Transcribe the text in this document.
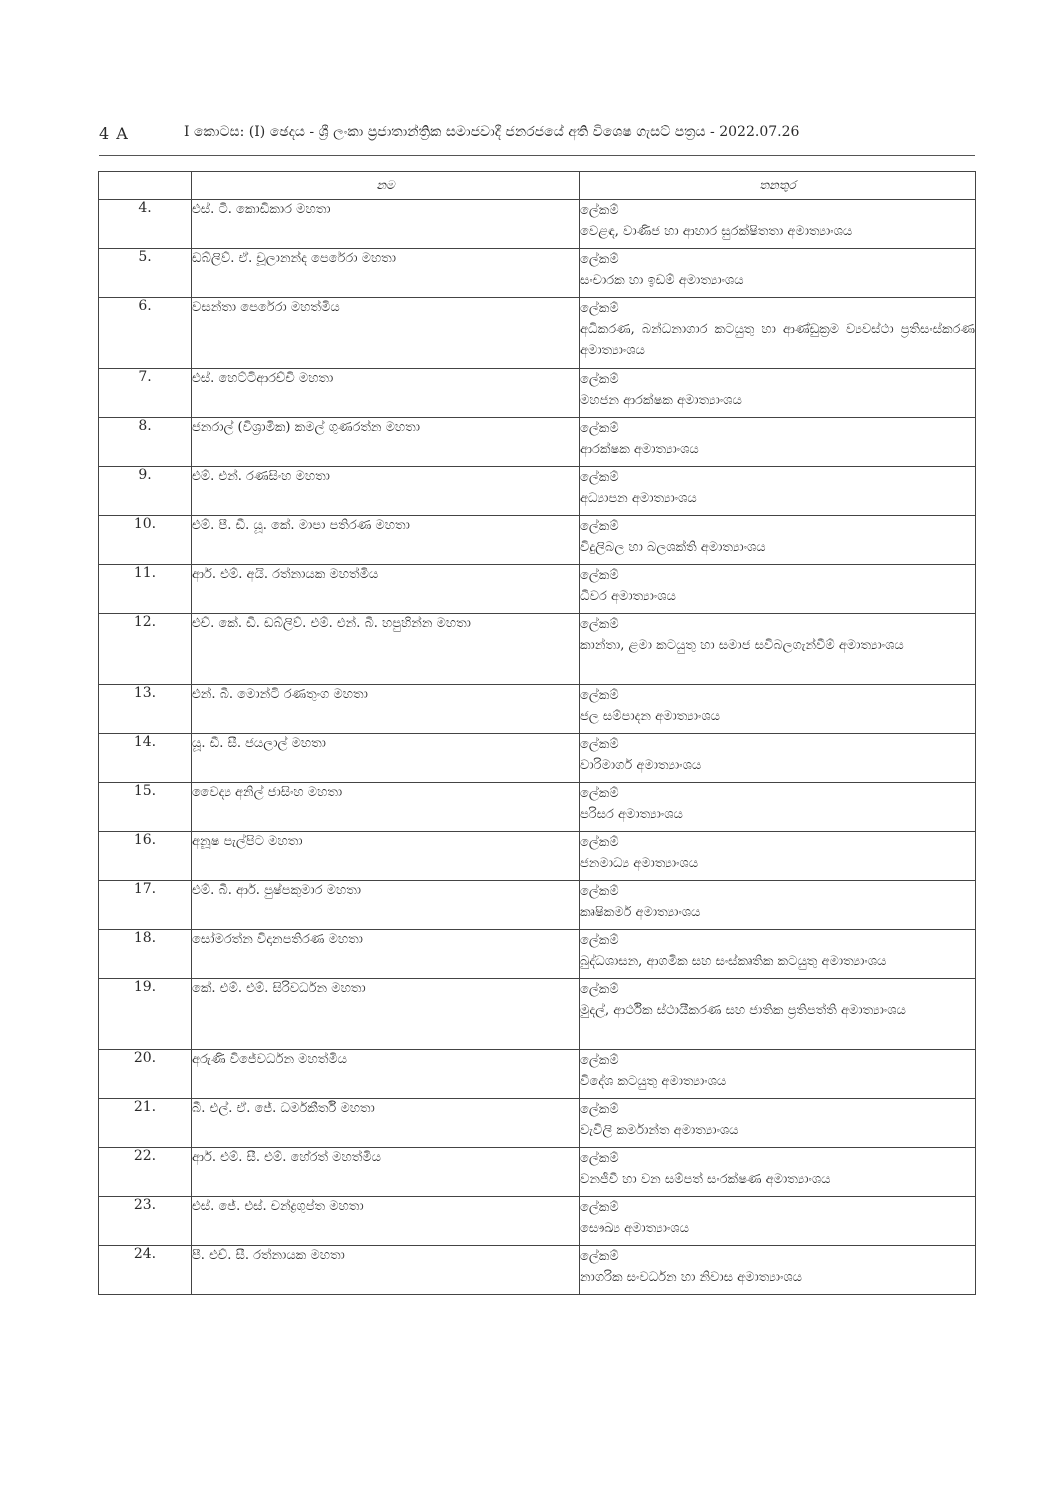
4 A	I කොටස: (I) ඡෙදය - ශ්‍රී ලංකා ප්‍රජාතාන්ත්‍රික සමාජවාදී ජනරජයේ අති විශෙෂ ගැසට් පත්‍රය - 2022.07.26
	නම	තනතුර
4.	එස්. ටී. කොඩිකාර මහතා	ලේකම්
වෙළඳ, වාණිජ හා ආහාර සුරක්ෂිතතා අමාත්‍යාංශය

5.	ඩබ්ලිව්. ඒ. චූලානන්ද පෙරේරා මහතා	ලේකම්
සංචාරක හා ඉඩම් අමාත්‍යාංශය

6.	වසන්තා පෙරේරා මහත්මිය	ලේකම්
අධිකරණ, බන්ධනාගාර කටයුතු හා ආණ්ඩුක්‍රම ව්‍යවස්ථා ප්‍රතිසංස්කරණ අමාත්‍යාංශය

7.	එස්. හෙට්ටිආරච්චි මහතා	ලේකම්
මහජන ආරක්ෂක අමාත්‍යාංශය

8.	ජනරාල් (විශ්‍රාමික) කමල් ගුණරත්න මහතා	ලේකම්
ආරක්ෂක අමාත්‍යාංශය

9.	එම්. එන්. රණසිංහ මහතා	ලේකම්
අධ්‍යාපන අමාත්‍යාංශය

10.	එම්. පී. ඩී. යූ. කේ. මාපා පතිරණ මහතා	ලේකම්
විදුලිබල හා බලශක්ති අමාත්‍යාංශය

11.	ආර්. එම්. අයි. රත්නායක මහත්මිය	ලේකම්
ධීවර අමාත්‍යාංශය

12.	එච්. කේ. ඩී. ඩබ්ලිව්. එම්. එන්. බී. හපුහින්න මහතා	ලේකම්
කාන්තා, ළමා කටයුතු හා සමාජ සවිබලගැන්වීම් අමාත්‍යාංශය

13.	එන්. බී. මොන්ටි රණතුංග මහතා	ලේකම්
ජල සම්පාදන අමාත්‍යාංශය

14.	යූ. ඩී. සී. ජයලාල් මහතා	ලේකම්
වාරිමාර්ග අමාත්‍යාංශය

15.	වෛද්‍ය අනිල් ජාසිංහ මහතා	ලේකම්
පරිසර අමාත්‍යාංශය

16.	අනූෂ පැල්පිට මහතා	ලේකම්
ජනමාධ්‍ය අමාත්‍යාංශය

17.	එම්. බී. ආර්. පුෂ්පකුමාර මහතා	ලේකම්
කෘෂිකර්ම අමාත්‍යාංශය

18.	සෝමරත්න විදානපතිරණ මහතා	ලේකම්
බුද්ධශාසන, ආගමික සහ සංස්කෘතික කටයුතු අමාත්‍යාංශය

19.	කේ. එම්. එම්. සිරිවර්ධන මහතා	ලේකම්
මුදල්, ආර්ථික ස්ථායීකරණ සහ ජාතික ප්‍රතිපත්ති අමාත්‍යාංශය

20.	අරුණි විජේවර්ධන මහත්මිය	ලේකම්
විදේශ කටයුතු අමාත්‍යාංශය

21.	බී. එල්. ඒ. ජේ. ධර්මකීර්ති මහතා	ලේකම්
වැවිලි කර්මාන්ත අමාත්‍යාංශය

22.	ආර්. එම්. සී. එම්. හේරත් මහත්මිය	ලේකම්
වනජීවී හා වන සම්පත් සංරක්ෂණ අමාත්‍යාංශය

23.	එස්. ජේ. එස්. චන්ද්‍රගුප්ත මහතා	ලේකම්
සෞඛ්‍ය අමාත්‍යාංශය

24.	පී. එච්. සී. රත්නායක මහතා	ලේකම්
නාගරික සංවර්ධන හා නිවාස අමාත්‍යාංශය
